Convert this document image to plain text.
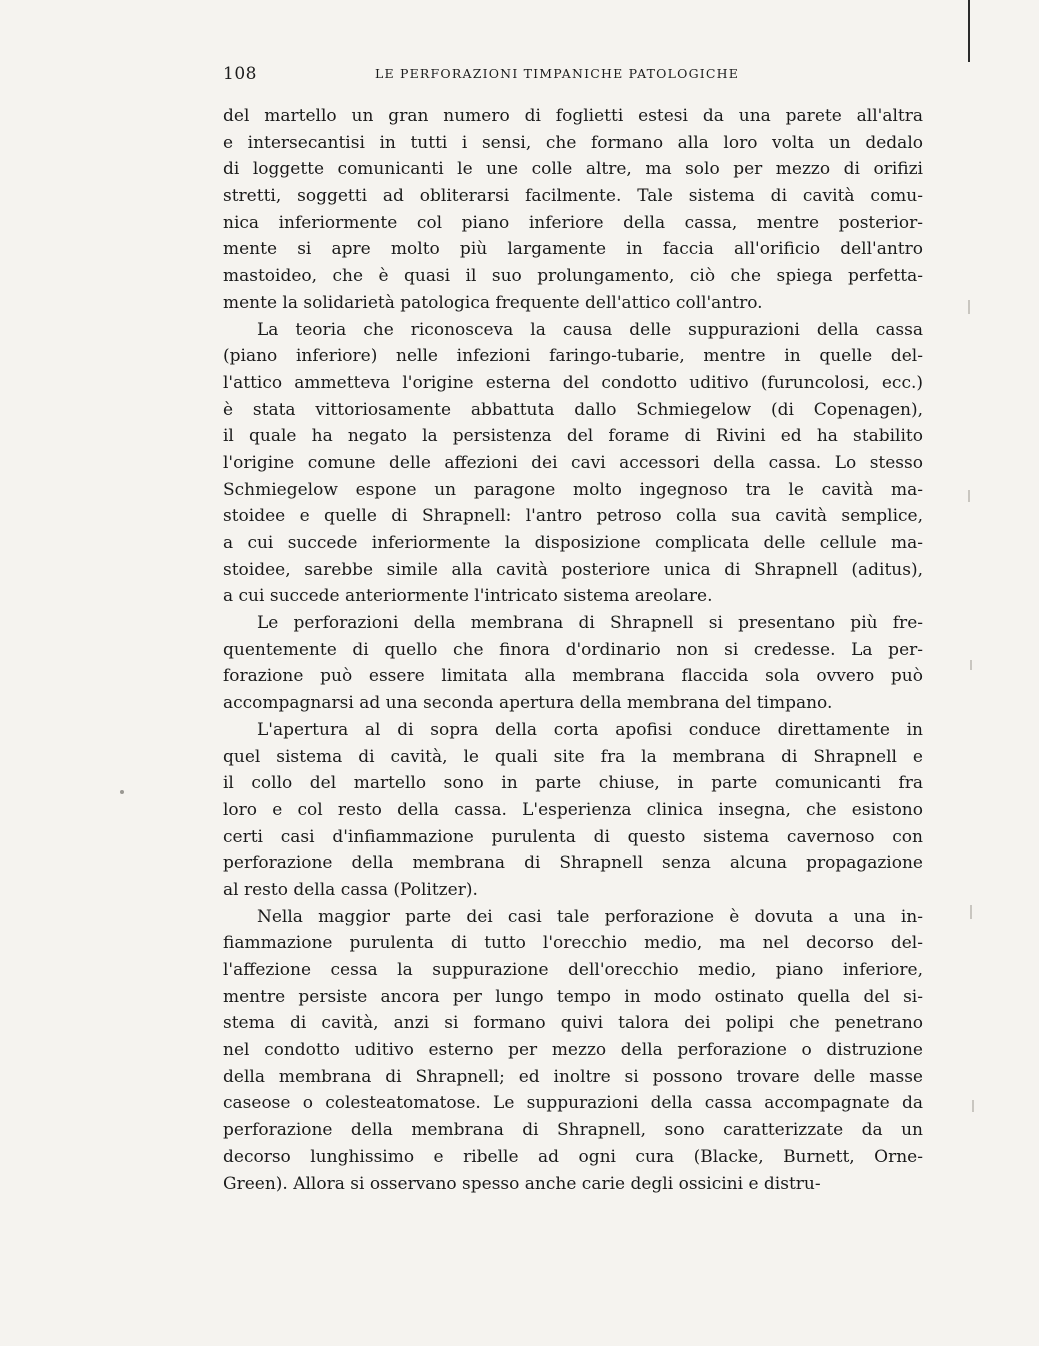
108	LE PERFORAZIONI TIMPANICHE PATOLOGICHE
del martello un gran numero di foglietti estesi da una parete all'altra
e intersecantisi in tutti i sensi, che formano alla loro volta un dedalo
di loggette comunicanti le une colle altre, ma solo per mezzo di orifizi
stretti, soggetti ad obliterarsi facilmente. Tale sistema di cavità comu-
nica inferiormente col piano inferiore della cassa, mentre posterior-
mente si apre molto più largamente in faccia all'orificio dell'antro
mastoideo, che è quasi il suo prolungamento, ciò che spiega perfetta-
mente la solidarietà patologica frequente dell'attico coll'antro.
La teoria che riconosceva la causa delle suppurazioni della cassa
(piano inferiore) nelle infezioni faringo-tubarie, mentre in quelle del-
l'attico ammetteva l'origine esterna del condotto uditivo (furuncolosi, ecc.)
è stata vittoriosamente abbattuta dallo Schmiegelow (di Copenagen),
il quale ha negato la persistenza del forame di Rivini ed ha stabilito
l'origine comune delle affezioni dei cavi accessori della cassa. Lo stesso
Schmiegelow espone un paragone molto ingegnoso tra le cavità ma-
stoidee e quelle di Shrapnell: l'antro petroso colla sua cavità semplice,
a cui succede inferiormente la disposizione complicata delle cellule ma-
stoidee, sarebbe simile alla cavità posteriore unica di Shrapnell (aditus),
a cui succede anteriormente l'intricato sistema areolare.
Le perforazioni della membrana di Shrapnell si presentano più fre-
quentemente di quello che finora d'ordinario non si credesse. La per-
forazione può essere limitata alla membrana flaccida sola ovvero può
accompagnarsi ad una seconda apertura della membrana del timpano.
L'apertura al di sopra della corta apofisi conduce direttamente in
quel sistema di cavità, le quali site fra la membrana di Shrapnell e
il collo del martello sono in parte chiuse, in parte comunicanti fra
loro e col resto della cassa. L'esperienza clinica insegna, che esistono
certi casi d'infiammazione purulenta di questo sistema cavernoso con
perforazione della membrana di Shrapnell senza alcuna propagazione
al resto della cassa (Politzer).
Nella maggior parte dei casi tale perforazione è dovuta a una in-
fiammazione purulenta di tutto l'orecchio medio, ma nel decorso del-
l'affezione cessa la suppurazione dell'orecchio medio, piano inferiore,
mentre persiste ancora per lungo tempo in modo ostinato quella del si-
stema di cavità, anzi si formano quivi talora dei polipi che penetrano
nel condotto uditivo esterno per mezzo della perforazione o distruzione
della membrana di Shrapnell; ed inoltre si possono trovare delle masse
caseose o colesteatomatose. Le suppurazioni della cassa accompagnate da
perforazione della membrana di Shrapnell, sono caratterizzate da un
decorso lunghissimo e ribelle ad ogni cura (Blacke, Burnett, Orne-
Green). Allora si osservano spesso anche carie degli ossicini e distru-
